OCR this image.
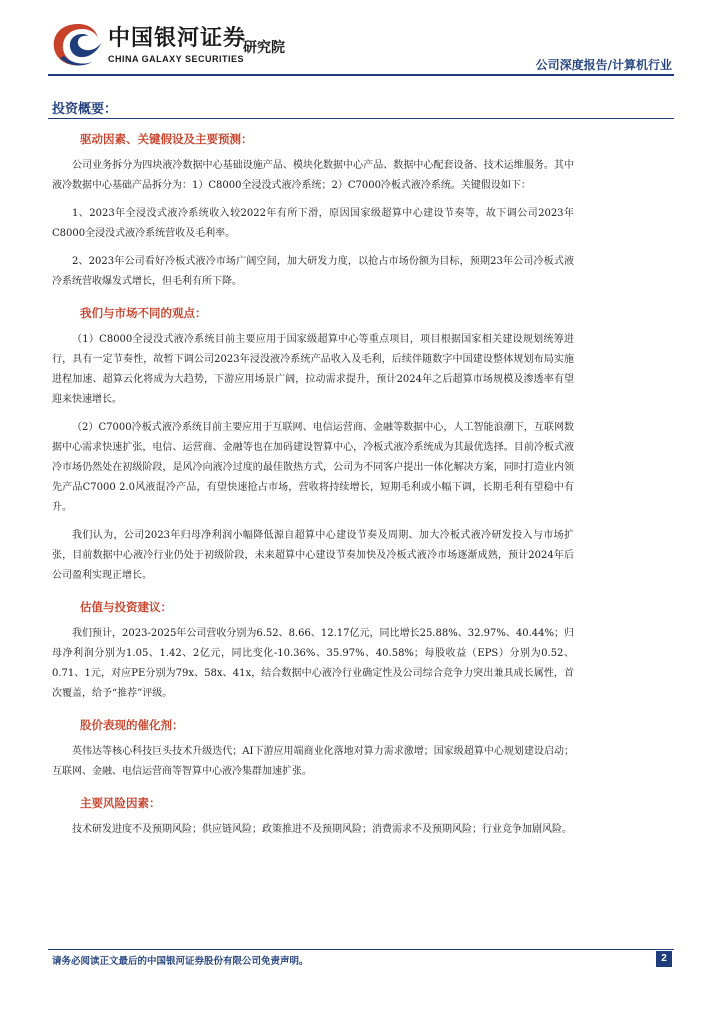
中国银河证券
CHINA GALAXY SECURITIES
研究院
公司深度报告/计算机行业
投资概要：
驱动因素、关键假设及主要预测：

公司业务拆分为四块液冷数据中心基础设施产品、模块化数据中心产品、数据中心配套设备、技术运维服务。其中液冷数据中心基础产品拆分为：1）C8000全浸没式液冷系统；2）C7000冷板式液冷系统。关键假设如下：

1、2023年全浸没式液冷系统收入较2022年有所下滑，原因国家级超算中心建设节奏等，故下调公司2023年C8000全浸没式液冷系统营收及毛利率。

2、2023年公司看好冷板式液冷市场广阔空间，加大研发力度，以抢占市场份额为目标，预期23年公司冷板式液冷系统营收爆发式增长，但毛利有所下降。

我们与市场不同的观点：

（1）C8000全浸没式液冷系统目前主要应用于国家级超算中心等重点项目，项目根据国家相关建设规划统筹进行，具有一定节奏性，故暂下调公司2023年浸没液冷系统产品收入及毛利，后续伴随数字中国建设整体规划布局实施进程加速、超算云化将成为大趋势，下游应用场景广阔，拉动需求提升，预计2024年之后超算市场规模及渗透率有望迎来快速增长。

（2）C7000冷板式液冷系统目前主要应用于互联网、电信运营商、金融等数据中心，人工智能浪潮下，互联网数据中心需求快速扩张，电信、运营商、金融等也在加码建设智算中心，冷板式液冷系统成为其最优选择。目前冷板式液冷市场仍然处在初级阶段，是风冷向液冷过度的最佳散热方式，公司为不同客户提出一体化解决方案，同时打造业内领先产品C7000 2.0风液混冷产品，有望快速抢占市场，营收将持续增长，短期毛利或小幅下调，长期毛利有望稳中有升。

我们认为，公司2023年归母净利润小幅降低源自超算中心建设节奏及周期、加大冷板式液冷研发投入与市场扩张，目前数据中心液冷行业仍处于初级阶段，未来超算中心建设节奏加快及冷板式液冷市场逐渐成熟，预计2024年后公司盈利实现正增长。

估值与投资建议：

我们预计，2023-2025年公司营收分别为6.52、8.66、12.17亿元，同比增长25.88%、32.97%、40.44%；归母净利润分别为1.05、1.42、2亿元，同比变化-10.36%、35.97%、40.58%；每股收益（EPS）分别为0.52、0.71、1元，对应PE分别为79x、58x、41x，结合数据中心液冷行业确定性及公司综合竞争力突出兼具成长属性，首次覆盖，给予“推荐”评级。

股价表现的催化剂：

英伟达等核心科技巨头技术升级迭代；AI下游应用端商业化落地对算力需求激增；国家级超算中心规划建设启动；互联网、金融、电信运营商等智算中心液冷集群加速扩张。

主要风险因素：

技术研发进度不及预期风险；供应链风险；政策推进不及预期风险；消费需求不及预期风险；行业竞争加剧风险。

请务必阅读正文最后的中国银河证券股份有限公司免责声明。	2
